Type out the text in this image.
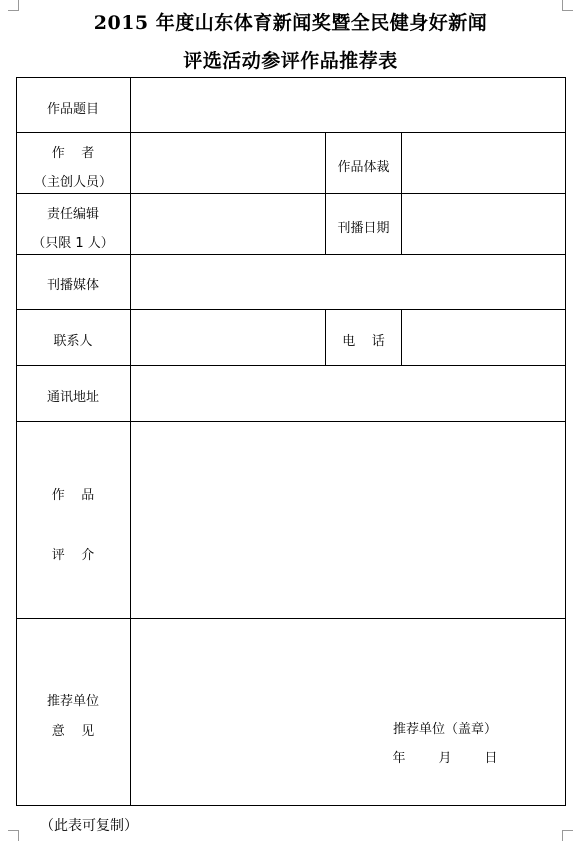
2015 年度山东体育新闻奖暨全民健身好新闻
评选活动参评作品推荐表
作品题目
作    者
（主创人员）
作品体裁
责任编辑
（只限 1 人）
刊播日期
刊播媒体
联系人	电    话
通讯地址
作    品
评    介
推荐单位
意    见	推荐单位（盖章）
年        月        日
（此表可复制）
